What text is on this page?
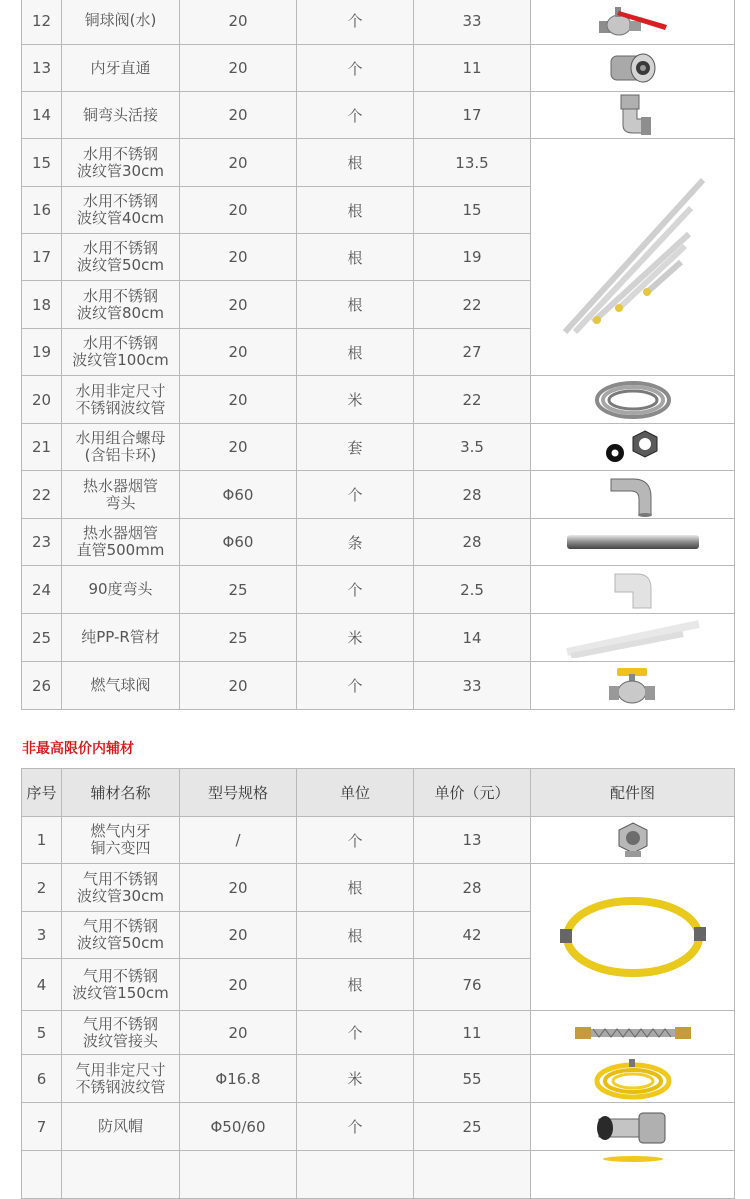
12	铜球阀(水)	20	个	33	

13	内牙直通	20	个	11	

14	铜弯头活接	20	个	17	

15	水用不锈钢
波纹管30cm	20	根	13.5	

16	水用不锈钢
波纹管40cm	20	根	15	
17	水用不锈钢
波纹管50cm	20	根	19	
18	水用不锈钢
波纹管80cm	20	根	22	
19	水用不锈钢
波纹管100cm	20	根	27	
20	水用非定尺寸
不锈钢波纹管	20	米	22	

21	水用组合螺母
(含铝卡环)	20	套	3.5	

22	热水器烟管
弯头	Φ60	个	28	

23	热水器烟管
直管500mm	Φ60	条	28	

24	90度弯头	25	个	2.5	

25	纯PP-R管材	25	米	14	

26	燃气球阀	20	个	33	
非最高限价内辅材
序号	辅材名称	型号规格	单位	单价（元）	配件图
1	燃气内牙
铜六变四	/	个	13	

2	气用不锈钢
波纹管30cm	20	根	28	

3	气用不锈钢
波纹管50cm	20	根	42	
4	气用不锈钢
波纹管150cm	20	根	76	
5	气用不锈钢
波纹管接头	20	个	11	

6	气用非定尺寸
不锈钢波纹管	Φ16.8	米	55	

7	防风帽	Φ50/60	个	25	
